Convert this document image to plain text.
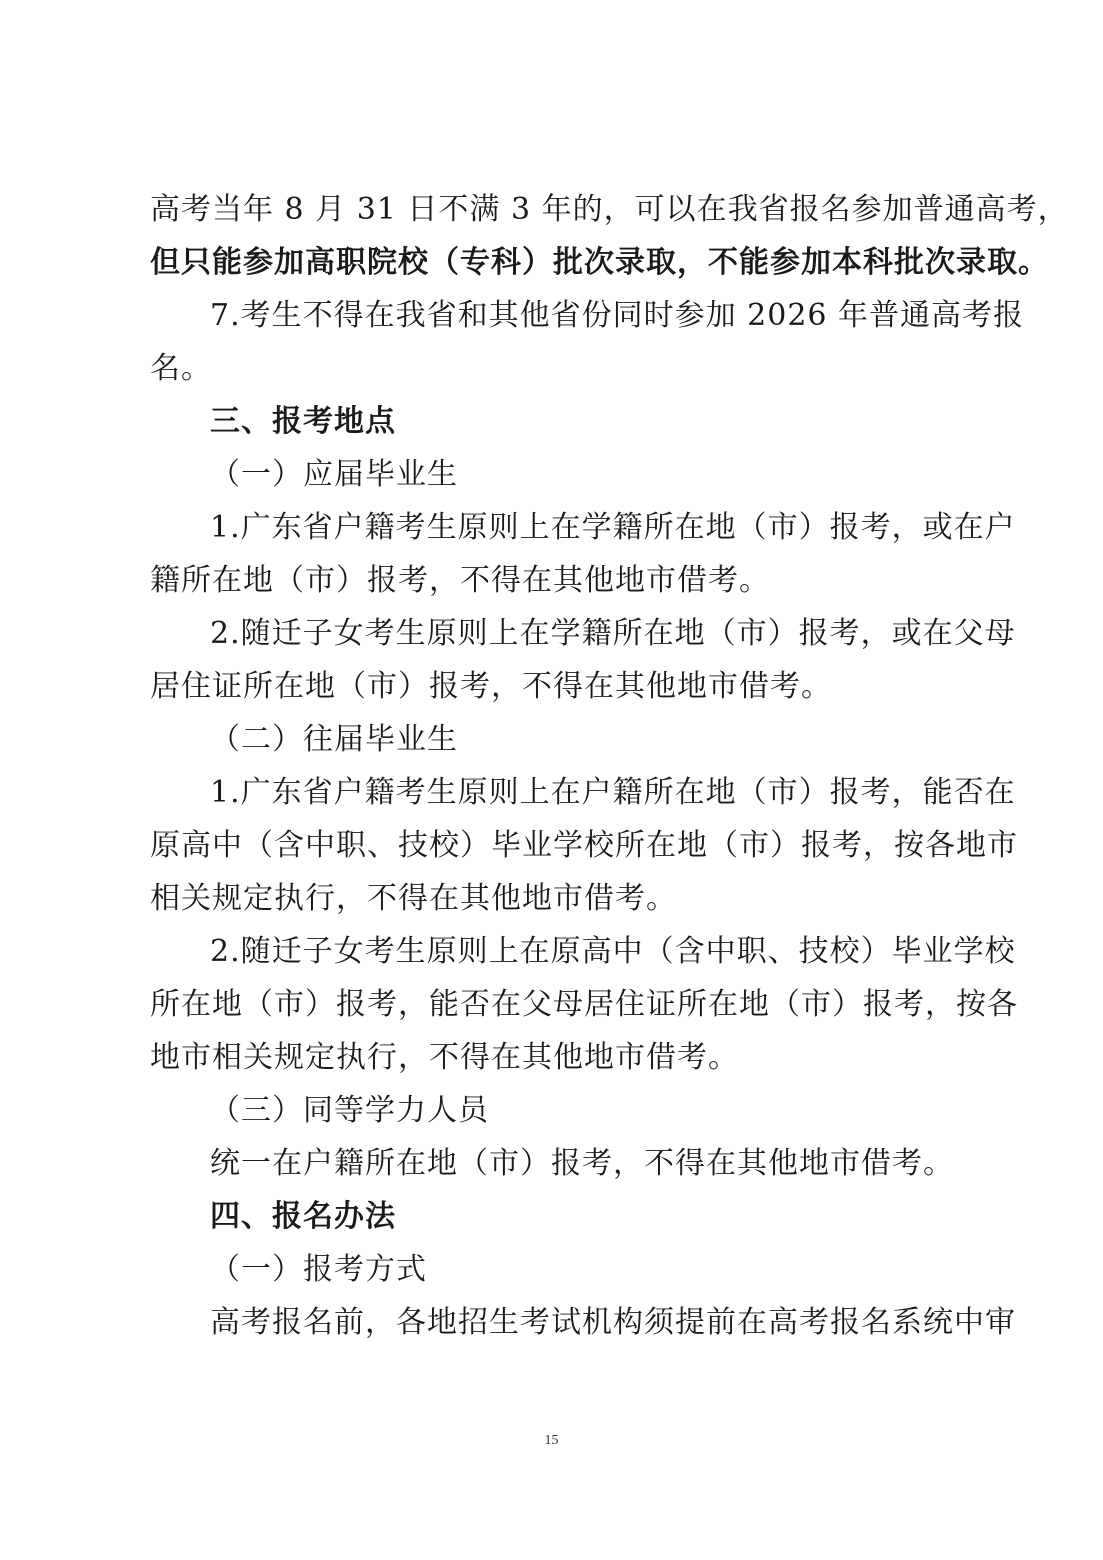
高考当年 8 月 31 日不满 3 年的，可以在我省报名参加普通高考，
但只能参加高职院校（专科）批次录取，不能参加本科批次录取。
7.考生不得在我省和其他省份同时参加 2026 年普通高考报
名。
三、报考地点
（一）应届毕业生
1.广东省户籍考生原则上在学籍所在地（市）报考，或在户
籍所在地（市）报考，不得在其他地市借考。
2.随迁子女考生原则上在学籍所在地（市）报考，或在父母
居住证所在地（市）报考，不得在其他地市借考。
（二）往届毕业生
1.广东省户籍考生原则上在户籍所在地（市）报考，能否在
原高中（含中职、技校）毕业学校所在地（市）报考，按各地市
相关规定执行，不得在其他地市借考。
2.随迁子女考生原则上在原高中（含中职、技校）毕业学校
所在地（市）报考，能否在父母居住证所在地（市）报考，按各
地市相关规定执行，不得在其他地市借考。
（三）同等学力人员
统一在户籍所在地（市）报考，不得在其他地市借考。
四、报名办法
（一）报考方式
高考报名前，各地招生考试机构须提前在高考报名系统中审
15
